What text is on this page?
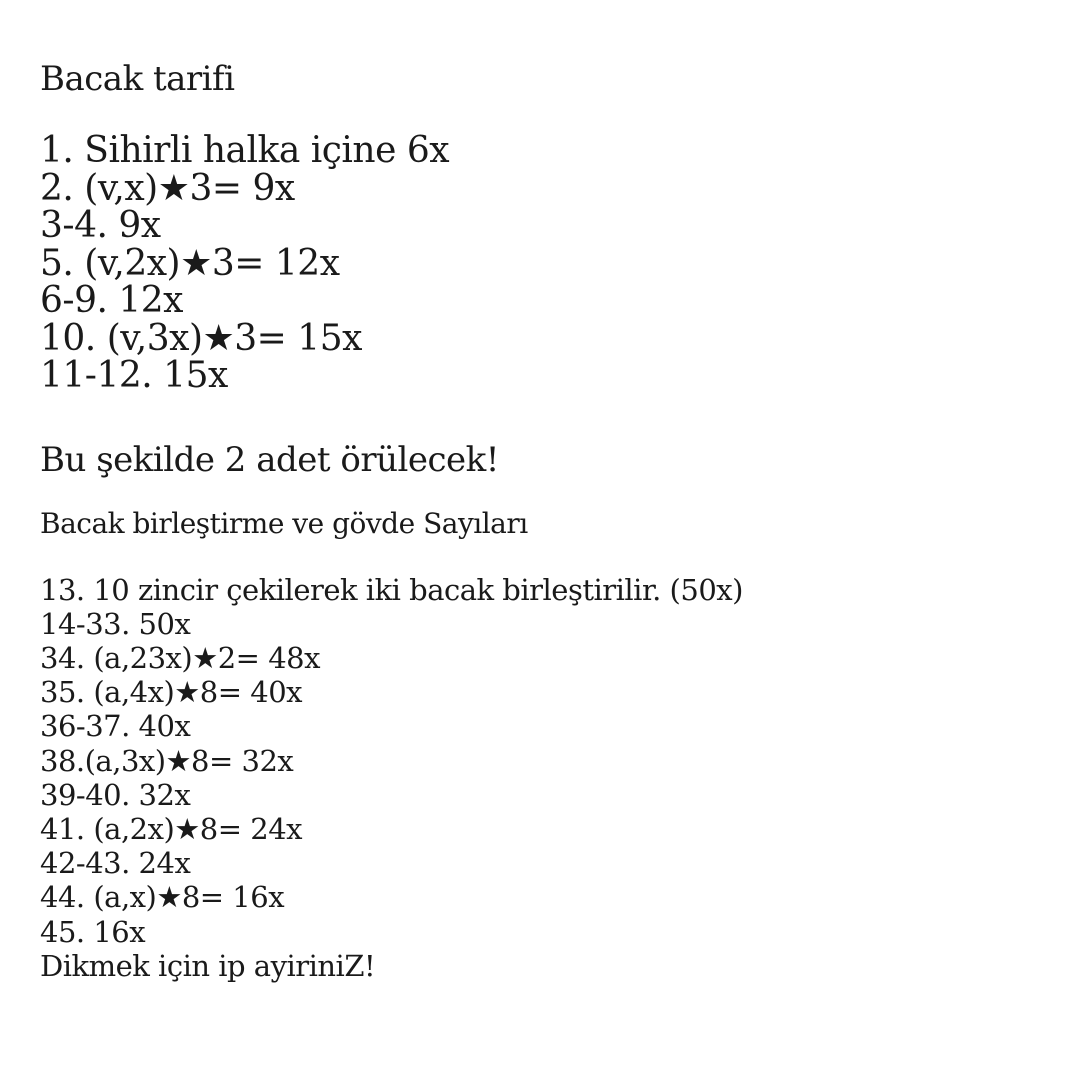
Bacak tarifi
1. Sihirli halka içine 6x
2. (v,x)★3= 9x
3-4. 9x
5. (v,2x)★3= 12x
6-9. 12x
10. (v,3x)★3= 15x
11-12. 15x
Bu şekilde 2 adet örülecek!
Bacak birleştirme ve gövde Sayıları
13. 10 zincir çekilerek iki bacak birleştirilir. (50x)
14-33. 50x
34. (a,23x)★2= 48x
35. (a,4x)★8= 40x
36-37. 40x
38.(a,3x)★8= 32x
39-40. 32x
41. (a,2x)★8= 24x
42-43. 24x
44. (a,x)★8= 16x
45. 16x
Dikmek için ip ayiriniZ!
